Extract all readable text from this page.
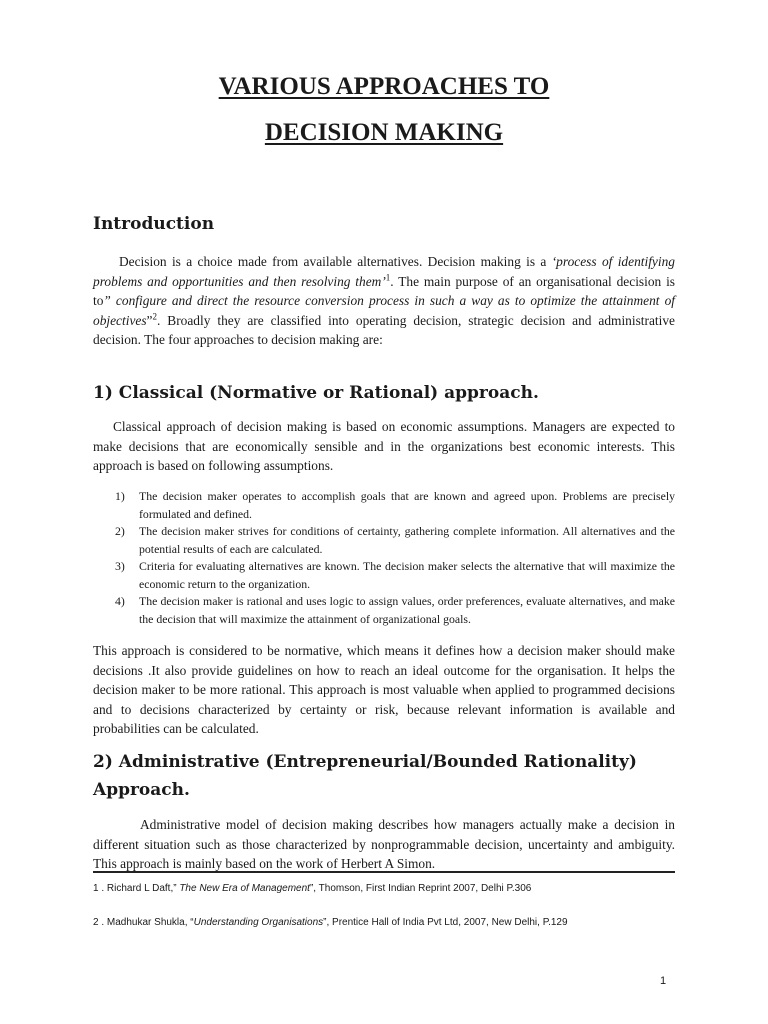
VARIOUS APPROACHES TO
DECISION MAKING
Introduction

Decision is a choice made from available alternatives. Decision making is a ‘process of identifying problems and opportunities and then resolving them’$^1$. The main purpose of an organisational decision is to” configure and direct the resource conversion process in such a way as to optimize the attainment of objectives”$^2$. Broadly they are classified into operating decision, strategic decision and administrative decision. The four approaches to decision making are:

1) Classical (Normative or Rational) approach.

Classical approach of decision making is based on economic assumptions. Managers are expected to make decisions that are economically sensible and in the organizations best economic interests. This approach is based on following assumptions.

1) The decision maker operates to accomplish goals that are known and agreed upon. Problems are precisely formulated and defined.
2) The decision maker strives for conditions of certainty, gathering complete information. All alternatives and the potential results of each are calculated.
3) Criteria for evaluating alternatives are known. The decision maker selects the alternative that will maximize the economic return to the organization.
4) The decision maker is rational and uses logic to assign values, order preferences, evaluate alternatives, and make the decision that will maximize the attainment of organizational goals.

This approach is considered to be normative, which means it defines how a decision maker should make decisions .It also provide guidelines on how to reach an ideal outcome for the organisation. It helps the decision maker to be more rational. This approach is most valuable when applied to programmed decisions and to decisions characterized by certainty or risk, because relevant information is available and probabilities can be calculated.

2) Administrative (Entrepreneurial/Bounded Rationality) Approach.

Administrative model of decision making describes how managers actually make a decision in different situation such as those characterized by nonprogrammable decision, uncertainty and ambiguity. This approach is mainly based on the work of Herbert A Simon.

1 . Richard L Daft,” The New Era of Management”, Thomson, First Indian Reprint 2007, Delhi P.306

2 . Madhukar Shukla, “Understanding Organisations”, Prentice Hall of India Pvt Ltd, 2007, New Delhi, P.129

1
